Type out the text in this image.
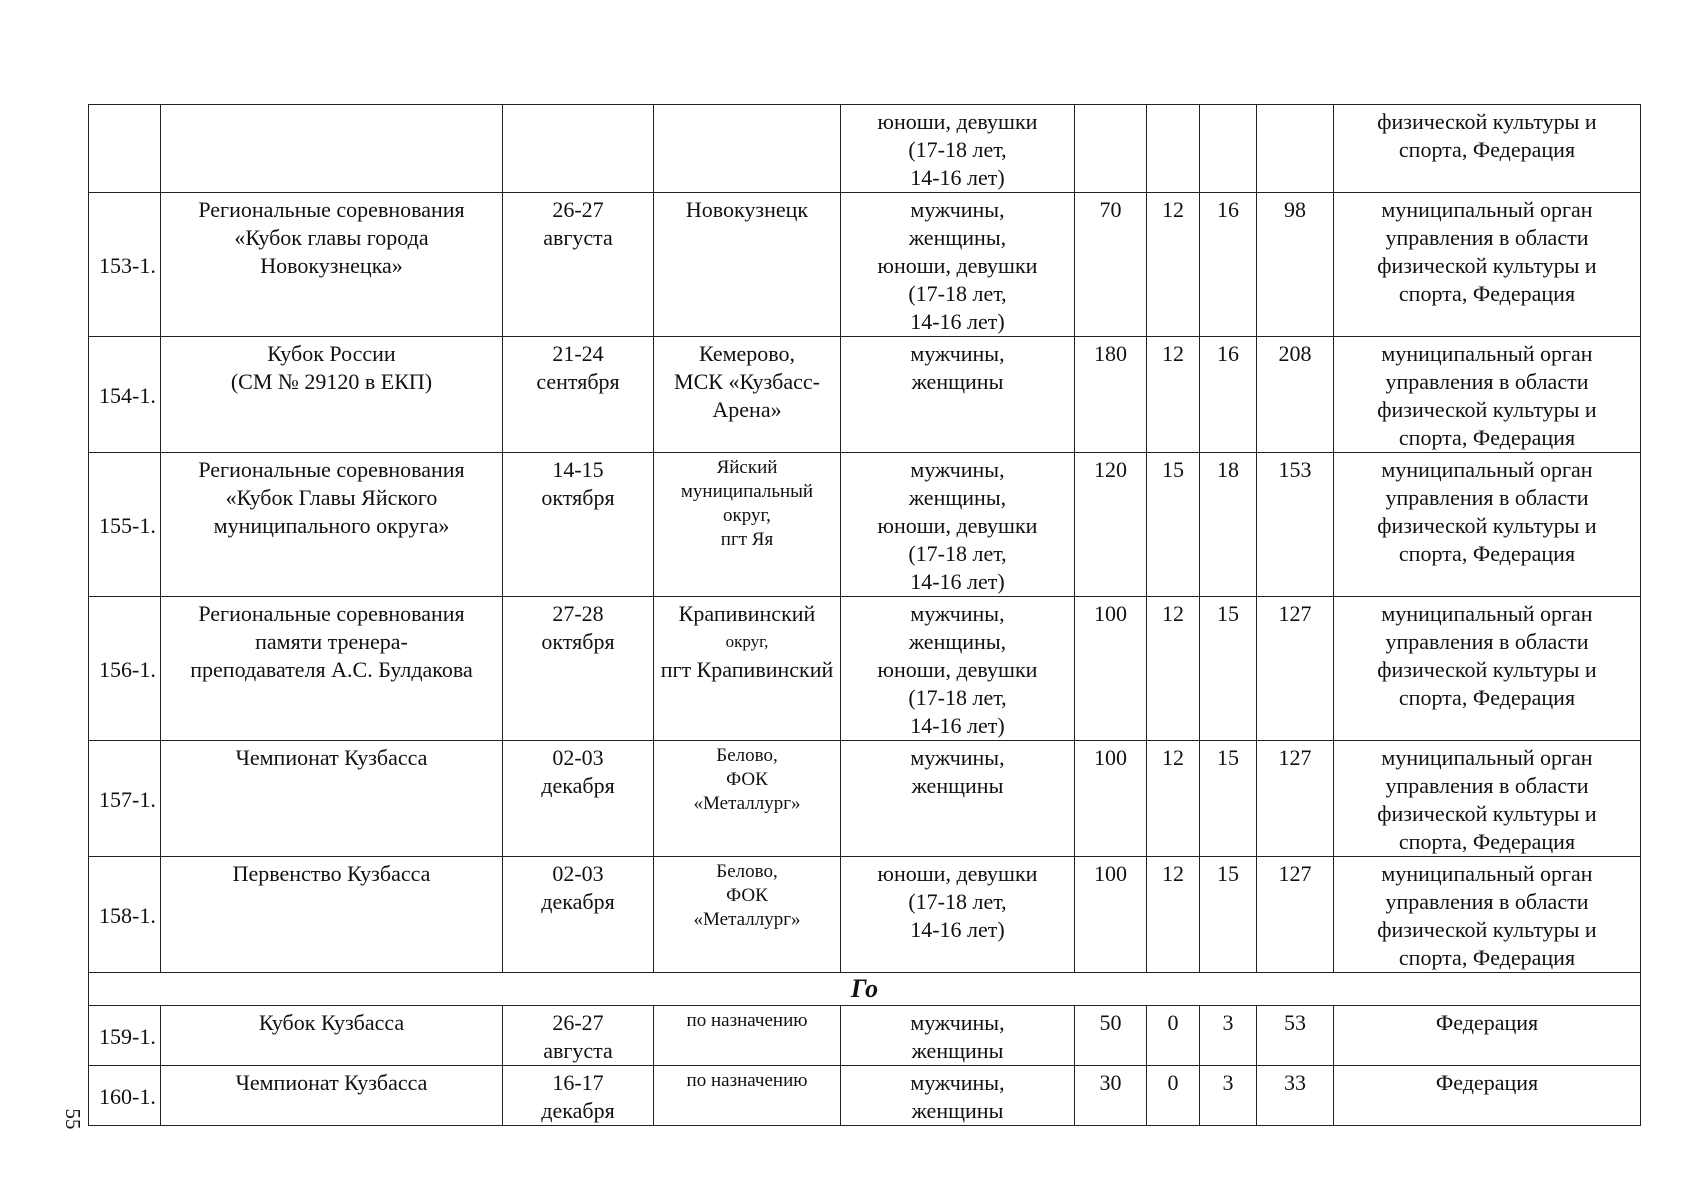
				юноши, девушки
(17-18 лет,
14-16 лет)					физической культуры и
спорта, Федерация

153-1.	Региональные соревнования
«Кубок главы города
Новокузнецка»	26-27
августа	Новокузнецк	мужчины,
женщины,
юноши, девушки
(17-18 лет,
14-16 лет)	70	12	16	98	муниципальный орган
управления в области
физической культуры и
спорта, Федерация

154-1.	Кубок России
(СМ № 29120 в ЕКП)	21-24
сентября	Кемерово,
МСК «Кузбасс-
Арена»	мужчины,
женщины	180	12	16	208	муниципальный орган
управления в области
физической культуры и
спорта, Федерация

155-1.	Региональные соревнования
«Кубок Главы Яйского
муниципального округа»	14-15
октября	Яйский
муниципальный
округ,
пгт Яя	мужчины,
женщины,
юноши, девушки
(17-18 лет,
14-16 лет)	120	15	18	153	муниципальный орган
управления в области
физической культуры и
спорта, Федерация

156-1.	Региональные соревнования
памяти тренера-
преподавателя А.С. Булдакова	27-28
октября	Крапивинский
округ,
пгт Крапивинский	мужчины,
женщины,
юноши, девушки
(17-18 лет,
14-16 лет)	100	12	15	127	муниципальный орган
управления в области
физической культуры и
спорта, Федерация

157-1.	Чемпионат Кузбасса	02-03
декабря	Белово,
ФОК
«Металлург»	мужчины,
женщины	100	12	15	127	муниципальный орган
управления в области
физической культуры и
спорта, Федерация

158-1.	Первенство Кузбасса	02-03
декабря	Белово,
ФОК
«Металлург»	юноши, девушки
(17-18 лет,
14-16 лет)	100	12	15	127	муниципальный орган
управления в области
физической культуры и
спорта, Федерация

Го									
159-1.	Кубок Кузбасса	26-27
августа	по назначению	мужчины,
женщины	50	0	3	53	Федерация

160-1.	Чемпионат Кузбасса	16-17
декабря	по назначению	мужчины,
женщины	30	0	3	33	Федерация
55
